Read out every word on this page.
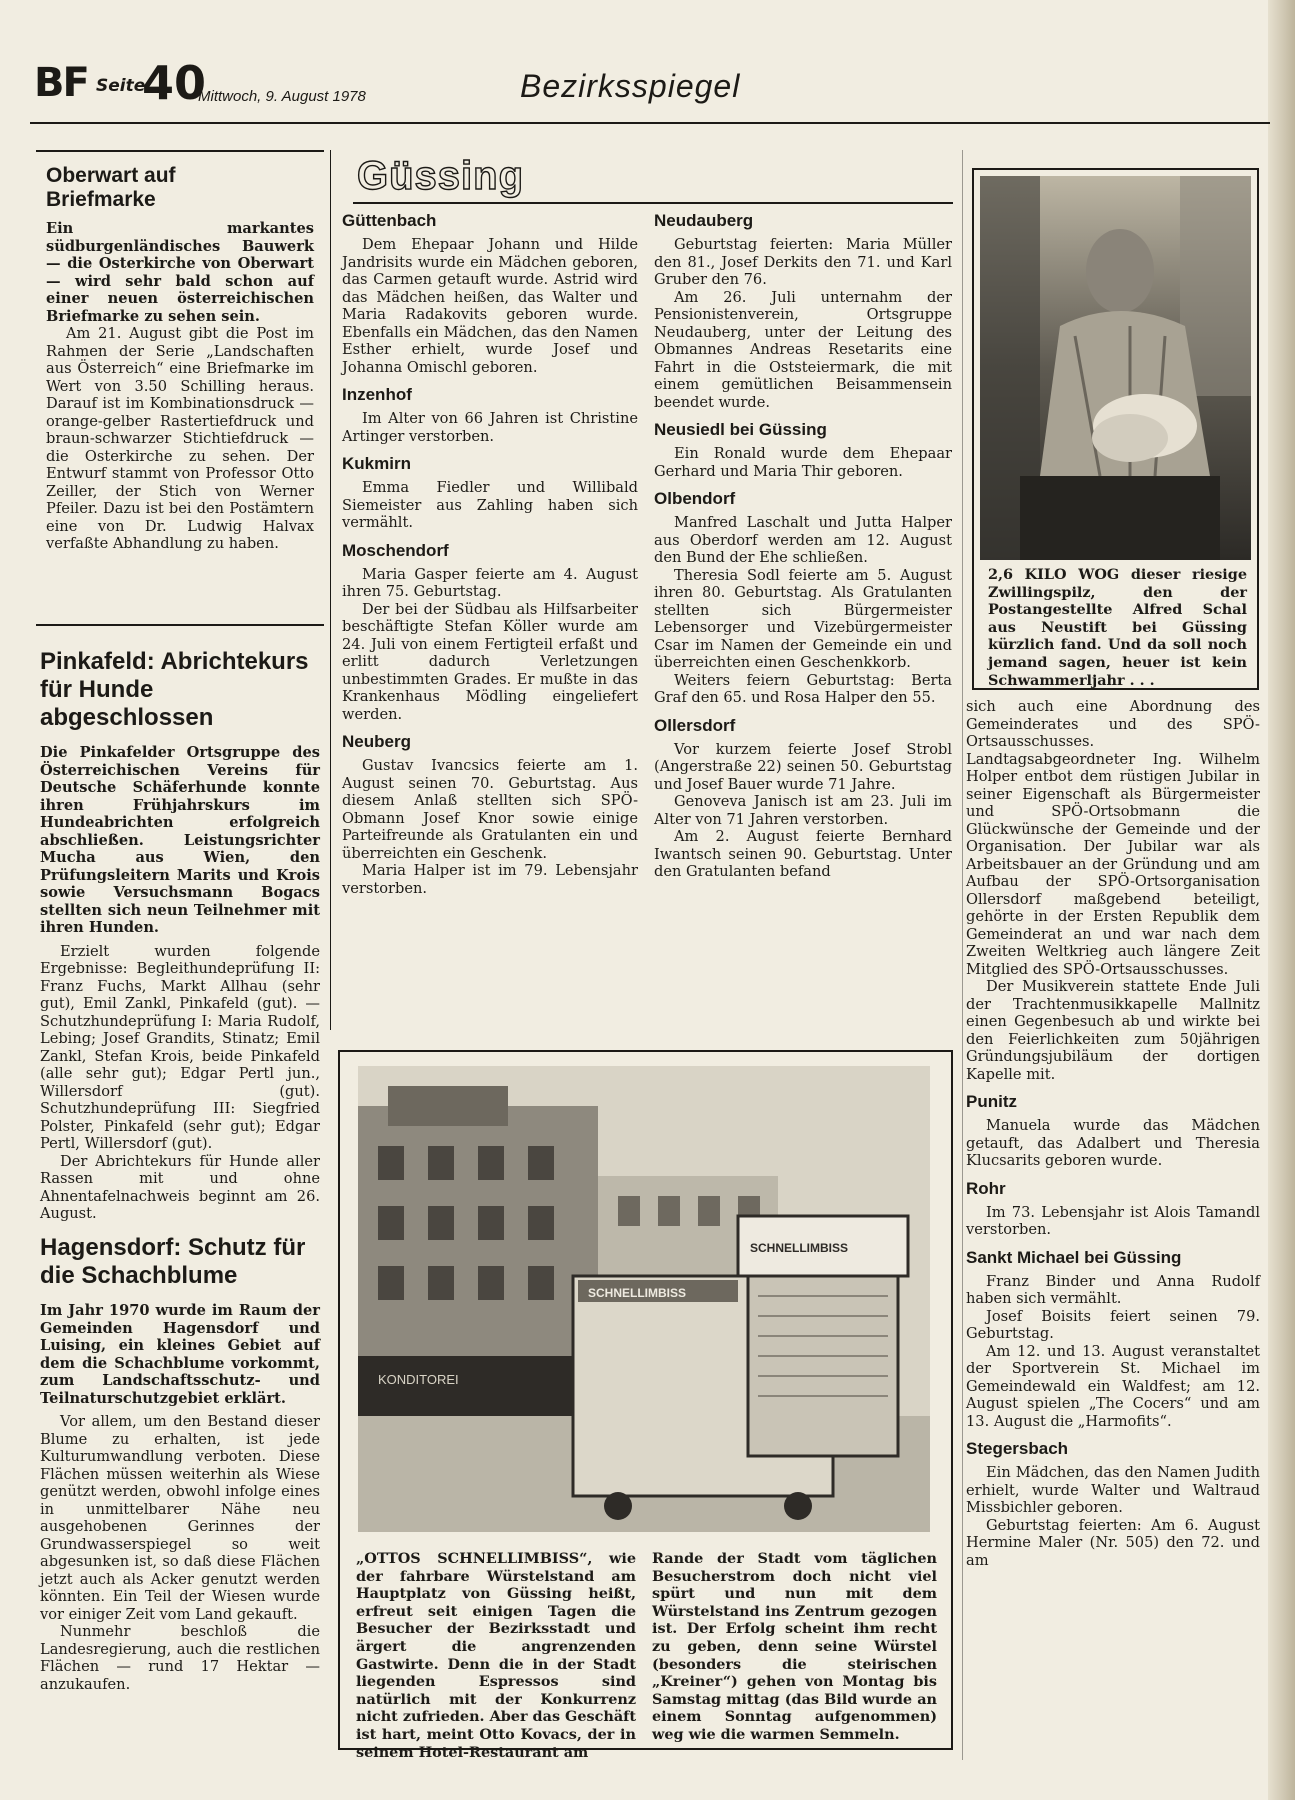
BF Seite
40
Mittwoch, 9. August 1978	Bezirksspiegel
Oberwart auf
Briefmarke

Ein markantes südburgenländisches Bauwerk — die Osterkirche von Oberwart — wird sehr bald schon auf einer neuen österreichischen Briefmarke zu sehen sein.

Am 21. August gibt die Post im Rahmen der Serie „Landschaften aus Österreich“ eine Briefmarke im Wert von 3.50 Schilling heraus. Darauf ist im Kombinationsdruck — orange-gelber Rastertiefdruck und braun-schwarzer Stichtiefdruck — die Osterkirche zu sehen. Der Entwurf stammt von Professor Otto Zeiller, der Stich von Werner Pfeiler. Dazu ist bei den Postämtern eine von Dr. Ludwig Halvax verfaßte Abhandlung zu haben.

Pinkafeld: Abrichtekurs
für Hunde abgeschlossen

Die Pinkafelder Ortsgruppe des Österreichischen Vereins für Deutsche Schäferhunde konnte ihren Frühjahrskurs im Hundeabrichten erfolgreich abschließen. Leistungsrichter Mucha aus Wien, den Prüfungsleitern Marits und Krois sowie Versuchsmann Bogacs stellten sich neun Teilnehmer mit ihren Hunden.

Erzielt wurden folgende Ergebnisse: Begleithundeprüfung II: Franz Fuchs, Markt Allhau (sehr gut), Emil Zankl, Pinkafeld (gut). — Schutzhundeprüfung I: Maria Rudolf, Lebing; Josef Grandits, Stinatz; Emil Zankl, Stefan Krois, beide Pinkafeld (alle sehr gut); Edgar Pertl jun., Willersdorf (gut). Schutzhundeprüfung III: Siegfried Polster, Pinkafeld (sehr gut); Edgar Pertl, Willersdorf (gut).

Der Abrichtekurs für Hunde aller Rassen mit und ohne Ahnentafelnachweis beginnt am 26. August.

Hagensdorf: Schutz für
die Schachblume

Im Jahr 1970 wurde im Raum der Gemeinden Hagensdorf und Luising, ein kleines Gebiet auf dem die Schachblume vorkommt, zum Landschaftsschutz- und Teilnaturschutzgebiet erklärt.

Vor allem, um den Bestand dieser Blume zu erhalten, ist jede Kulturumwandlung verboten. Diese Flächen müssen weiterhin als Wiese genützt werden, obwohl infolge eines in unmittelbarer Nähe neu ausgehobenen Gerinnes der Grundwasserspiegel so weit abgesunken ist, so daß diese Flächen jetzt auch als Acker genutzt werden könnten. Ein Teil der Wiesen wurde vor einiger Zeit vom Land gekauft.

Nunmehr beschloß die Landesregierung, auch die restlichen Flächen — rund 17 Hektar — anzukaufen.

Güssing
Güttenbach

Dem Ehepaar Johann und Hilde Jandrisits wurde ein Mädchen geboren, das Carmen getauft wurde. Astrid wird das Mädchen heißen, das Walter und Maria Radakovits geboren wurde. Ebenfalls ein Mädchen, das den Namen Esther erhielt, wurde Josef und Johanna Omischl geboren.

Inzenhof

Im Alter von 66 Jahren ist Christine Artinger verstorben.

Kukmirn

Emma Fiedler und Willibald Siemeister aus Zahling haben sich vermählt.

Moschendorf

Maria Gasper feierte am 4. August ihren 75. Geburtstag.

Der bei der Südbau als Hilfsarbeiter beschäftigte Stefan Köller wurde am 24. Juli von einem Fertigteil erfaßt und erlitt dadurch Verletzungen unbestimmten Grades. Er mußte in das Krankenhaus Mödling eingeliefert werden.

Neuberg

Gustav Ivancsics feierte am 1. August seinen 70. Geburtstag. Aus diesem Anlaß stellten sich SPÖ-Obmann Josef Knor sowie einige Parteifreunde als Gratulanten ein und überreichten ein Geschenk.

Maria Halper ist im 79. Lebensjahr verstorben.

Neudauberg

Geburtstag feierten: Maria Müller den 81., Josef Derkits den 71. und Karl Gruber den 76.

Am 26. Juli unternahm der Pensionistenverein, Ortsgruppe Neudauberg, unter der Leitung des Obmannes Andreas Resetarits eine Fahrt in die Oststeiermark, die mit einem gemütlichen Beisammensein beendet wurde.

Neusiedl bei Güssing

Ein Ronald wurde dem Ehepaar Gerhard und Maria Thir geboren.

Olbendorf

Manfred Laschalt und Jutta Halper aus Oberdorf werden am 12. August den Bund der Ehe schließen.

Theresia Sodl feierte am 5. August ihren 80. Geburtstag. Als Gratulanten stellten sich Bürgermeister Lebensorger und Vizebürgermeister Csar im Namen der Gemeinde ein und überreichten einen Geschenkkorb.

Weiters feiern Geburtstag: Berta Graf den 65. und Rosa Halper den 55.

Ollersdorf

Vor kurzem feierte Josef Strobl (Angerstraße 22) seinen 50. Geburtstag und Josef Bauer wurde 71 Jahre.

Genoveva Janisch ist am 23. Juli im Alter von 71 Jahren verstorben.

Am 2. August feierte Bernhard Iwantsch seinen 90. Geburtstag. Unter den Gratulanten befand

2,6 KILO WOG dieser riesige Zwillingspilz, den der Postangestellte Alfred Schal aus Neustift bei Güssing kürzlich fand. Und da soll noch jemand sagen, heuer ist kein Schwammerljahr . . .

sich auch eine Abordnung des Gemeinderates und des SPÖ-Ortsausschusses. Landtagsabgeordneter Ing. Wilhelm Holper entbot dem rüstigen Jubilar in seiner Eigenschaft als Bürgermeister und SPÖ-Ortsobmann die Glückwünsche der Gemeinde und der Organisation. Der Jubilar war als Arbeitsbauer an der Gründung und am Aufbau der SPÖ-Ortsorganisation Ollersdorf maßgebend beteiligt, gehörte in der Ersten Republik dem Gemeinderat an und war nach dem Zweiten Weltkrieg auch längere Zeit Mitglied des SPÖ-Ortsausschusses.

Der Musikverein stattete Ende Juli der Trachtenmusikkapelle Mallnitz einen Gegenbesuch ab und wirkte bei den Feierlichkeiten zum 50jährigen Gründungsjubiläum der dortigen Kapelle mit.

Punitz

Manuela wurde das Mädchen getauft, das Adalbert und Theresia Klucsarits geboren wurde.

Rohr

Im 73. Lebensjahr ist Alois Tamandl verstorben.

Sankt Michael bei Güssing

Franz Binder und Anna Rudolf haben sich vermählt.

Josef Boisits feiert seinen 79. Geburtstag.

Am 12. und 13. August veranstaltet der Sportverein St. Michael im Gemeindewald ein Waldfest; am 12. August spielen „The Cocers“ und am 13. August die „Harmofits“.

Stegersbach

Ein Mädchen, das den Namen Judith erhielt, wurde Walter und Waltraud Missbichler geboren.

Geburtstag feierten: Am 6. August Hermine Maler (Nr. 505) den 72. und am

KONDITOREI
SCHNELLIMBISS
SCHNELLIMBISS

„OTTOS SCHNELLIMBISS“, wie der fahrbare Würstelstand am Hauptplatz von Güssing heißt, erfreut seit einigen Tagen die Besucher der Bezirksstadt und ärgert die angrenzenden Gastwirte. Denn die in der Stadt liegenden Espressos sind natürlich mit der Konkurrenz nicht zufrieden. Aber das Geschäft ist hart, meint Otto Kovacs, der in seinem Hotel-Restaurant am

Rande der Stadt vom täglichen Besucherstrom doch nicht viel spürt und nun mit dem Würstelstand ins Zentrum gezogen ist. Der Erfolg scheint ihm recht zu geben, denn seine Würstel (besonders die steirischen „Kreiner“) gehen von Montag bis Samstag mittag (das Bild wurde an einem Sonntag aufgenommen) weg wie die warmen Semmeln.
